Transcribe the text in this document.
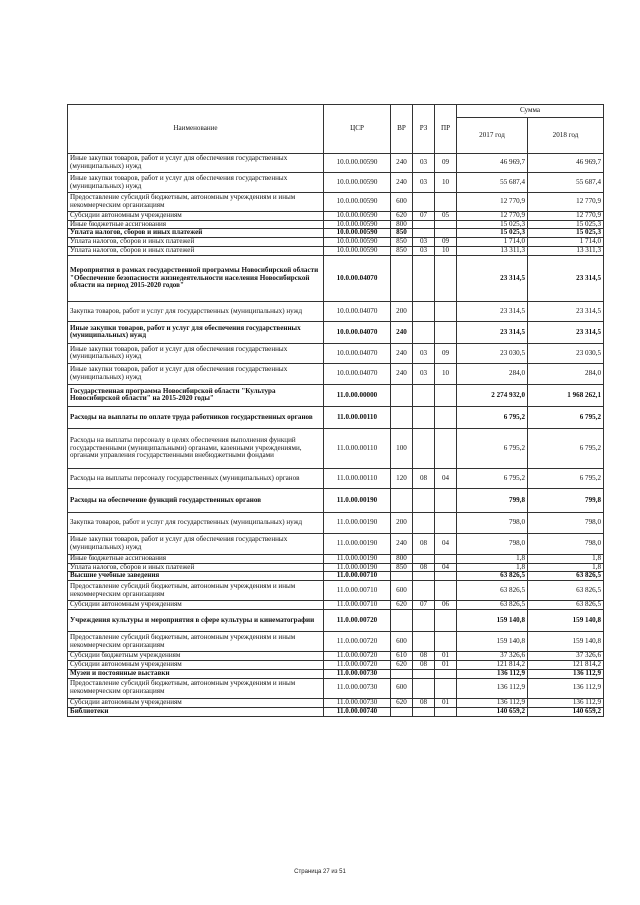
Наименование	ЦСР	ВР	РЗ	ПР	Сумма	
					2017 год	2018 год
Иные закупки товаров, работ и услуг для обеспечения государственных (муниципальных) нужд	10.0.00.00590	240	03	09	46 969,7	46 969,7
Иные закупки товаров, работ и услуг для обеспечения государственных (муниципальных) нужд	10.0.00.00590	240	03	10	55 687,4	55 687,4
Предоставление субсидий бюджетным, автономным учреждениям и иным некоммерческим организациям	10.0.00.00590	600			12 770,9	12 770,9
Субсидии автономным учреждениям	10.0.00.00590	620	07	05	12 770,9	12 770,9
Иные бюджетные ассигнования	10.0.00.00590	800			15 025,3	15 025,3
Уплата налогов, сборов и иных платежей	10.0.00.00590	850			15 025,3	15 025,3
Уплата налогов, сборов и иных платежей	10.0.00.00590	850	03	09	1 714,0	1 714,0
Уплата налогов, сборов и иных платежей	10.0.00.00590	850	03	10	13 311,3	13 311,3
Мероприятия в рамках государственной программы Новосибирской области "Обеспечение безопасности жизнедеятельности населения Новосибирской области на период 2015-2020 годов"	10.0.00.04070				23 314,5	23 314,5
Закупка товаров, работ и услуг для государственных (муниципальных) нужд	10.0.00.04070	200			23 314,5	23 314,5
Иные закупки товаров, работ и услуг для обеспечения государственных (муниципальных) нужд	10.0.00.04070	240			23 314,5	23 314,5
Иные закупки товаров, работ и услуг для обеспечения государственных (муниципальных) нужд	10.0.00.04070	240	03	09	23 030,5	23 030,5
Иные закупки товаров, работ и услуг для обеспечения государственных (муниципальных) нужд	10.0.00.04070	240	03	10	284,0	284,0
Государственная программа Новосибирской области "Культура Новосибирской области" на 2015-2020 годы"	11.0.00.00000				2 274 932,0	1 968 262,1
Расходы на выплаты по оплате труда работников государственных органов	11.0.00.00110				6 795,2	6 795,2
Расходы на выплаты персоналу в целях обеспечения выполнения функций государственными (муниципальными) органами, казенными учреждениями, органами управления государственными внебюджетными фондами	11.0.00.00110	100			6 795,2	6 795,2
Расходы на выплаты персоналу государственных (муниципальных) органов	11.0.00.00110	120	08	04	6 795,2	6 795,2
Расходы на обеспечение функций государственных органов	11.0.00.00190				799,8	799,8
Закупка товаров, работ и услуг для государственных (муниципальных) нужд	11.0.00.00190	200			798,0	798,0
Иные закупки товаров, работ и услуг для обеспечения государственных (муниципальных) нужд	11.0.00.00190	240	08	04	798,0	798,0
Иные бюджетные ассигнования	11.0.00.00190	800			1,8	1,8
Уплата налогов, сборов и иных платежей	11.0.00.00190	850	08	04	1,8	1,8
Высшие учебные заведения	11.0.00.00710				63 826,5	63 826,5
Предоставление субсидий бюджетным, автономным учреждениям и иным некоммерческим организациям	11.0.00.00710	600			63 826,5	63 826,5
Субсидии автономным учреждениям	11.0.00.00710	620	07	06	63 826,5	63 826,5
Учреждения культуры и мероприятия в сфере культуры и кинематографии	11.0.00.00720				159 140,8	159 140,8
Предоставление субсидий бюджетным, автономным учреждениям и иным некоммерческим организациям	11.0.00.00720	600			159 140,8	159 140,8
Субсидии бюджетным учреждениям	11.0.00.00720	610	08	01	37 326,6	37 326,6
Субсидии автономным учреждениям	11.0.00.00720	620	08	01	121 814,2	121 814,2
Музеи и постоянные выставки	11.0.00.00730				136 112,9	136 112,9
Предоставление субсидий бюджетным, автономным учреждениям и иным некоммерческим организациям	11.0.00.00730	600			136 112,9	136 112,9
Субсидии автономным учреждениям	11.0.00.00730	620	08	01	136 112,9	136 112,9
Библиотеки	11.0.00.00740				140 659,2	140 659,2
Страница 27 из 51
